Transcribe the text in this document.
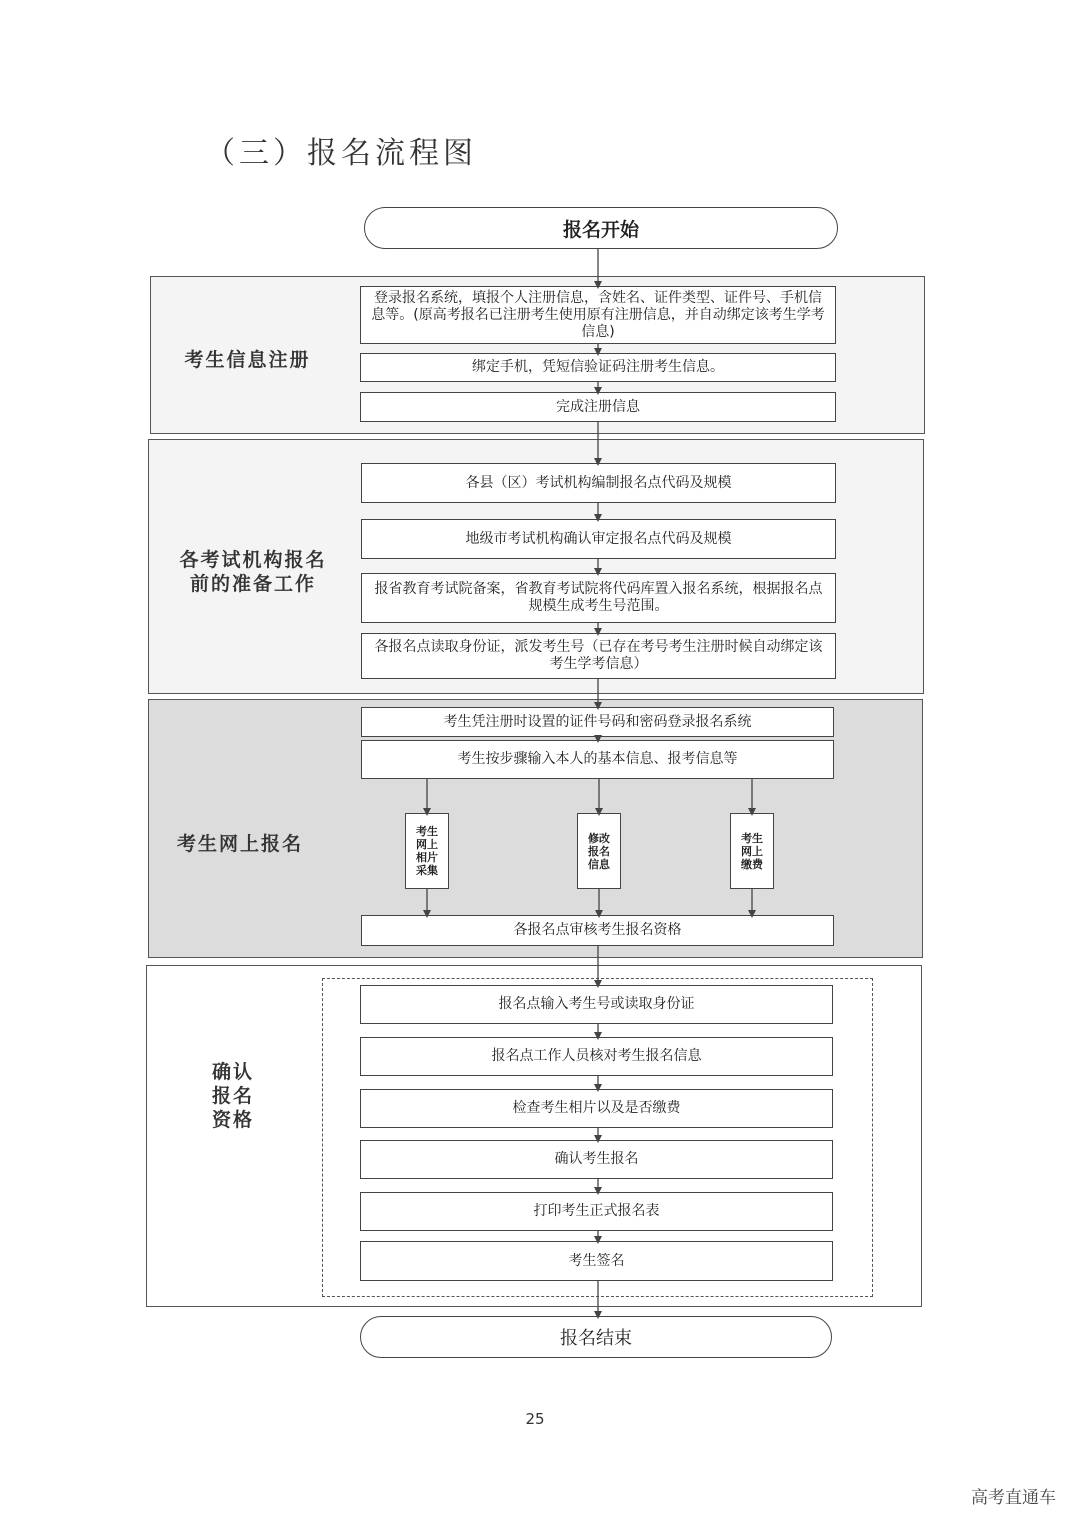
（三）报名流程图
报名开始
考生信息注册
登录报名系统，填报个人注册信息，含姓名、证件类型、证件号、手机信息等。(原高考报名已注册考生使用原有注册信息，并自动绑定该考生学考信息)
绑定手机，凭短信验证码注册考生信息。
完成注册信息
各考试机构报名
前的准备工作
各县（区）考试机构编制报名点代码及规模
地级市考试机构确认审定报名点代码及规模
报省教育考试院备案，省教育考试院将代码库置入报名系统，根据报名点规模生成考生号范围。
各报名点读取身份证，派发考生号（已存在考号考生注册时候自动绑定该考生学考信息）
考生网上报名
考生凭注册时设置的证件号码和密码登录报名系统
考生按步骤输入本人的基本信息、报考信息等
考生
网上
相片
采集
修改
报名
信息
考生
网上
缴费
各报名点审核考生报名资格
确认
报名
资格
报名点输入考生号或读取身份证
报名点工作人员核对考生报名信息
检查考生相片以及是否缴费
确认考生报名
打印考生正式报名表
考生签名
报名结束
25
高考直通车
